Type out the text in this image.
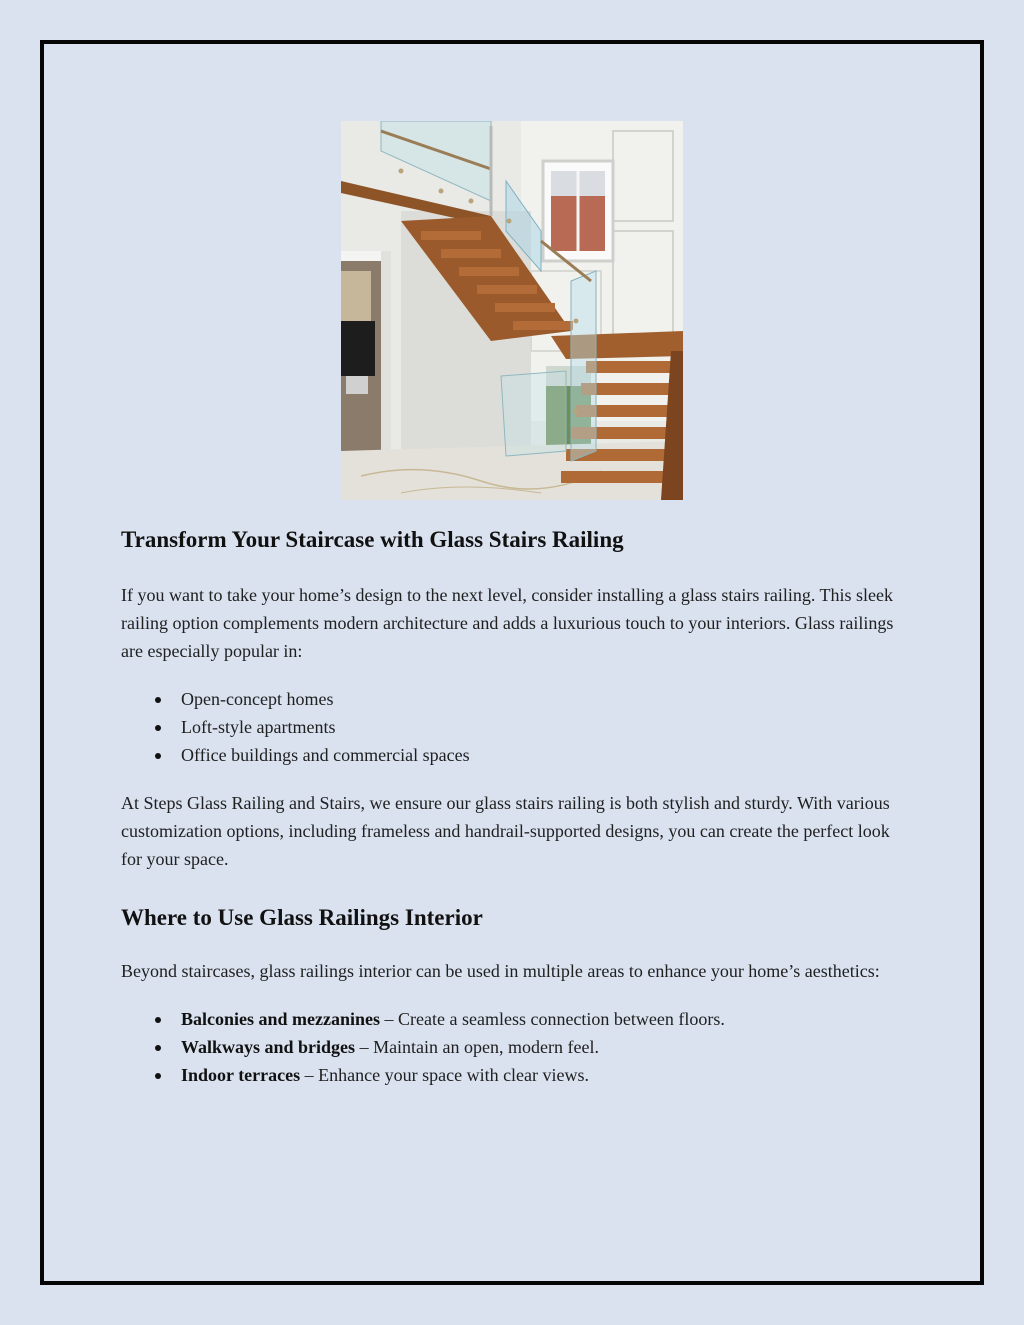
Transform Your Staircase with Glass Stairs Railing

If you want to take your home’s design to the next level, consider installing a glass stairs railing. This sleek railing option complements modern architecture and adds a luxurious touch to your interiors. Glass railings are especially popular in:

Open-concept homes
Loft-style apartments
Office buildings and commercial spaces

At Steps Glass Railing and Stairs, we ensure our glass stairs railing is both stylish and sturdy. With various customization options, including frameless and handrail-supported designs, you can create the perfect look for your space.

Where to Use Glass Railings Interior

Beyond staircases, glass railings interior can be used in multiple areas to enhance your home’s aesthetics:

Balconies and mezzanines – Create a seamless connection between floors.
Walkways and bridges – Maintain an open, modern feel.
Indoor terraces – Enhance your space with clear views.
